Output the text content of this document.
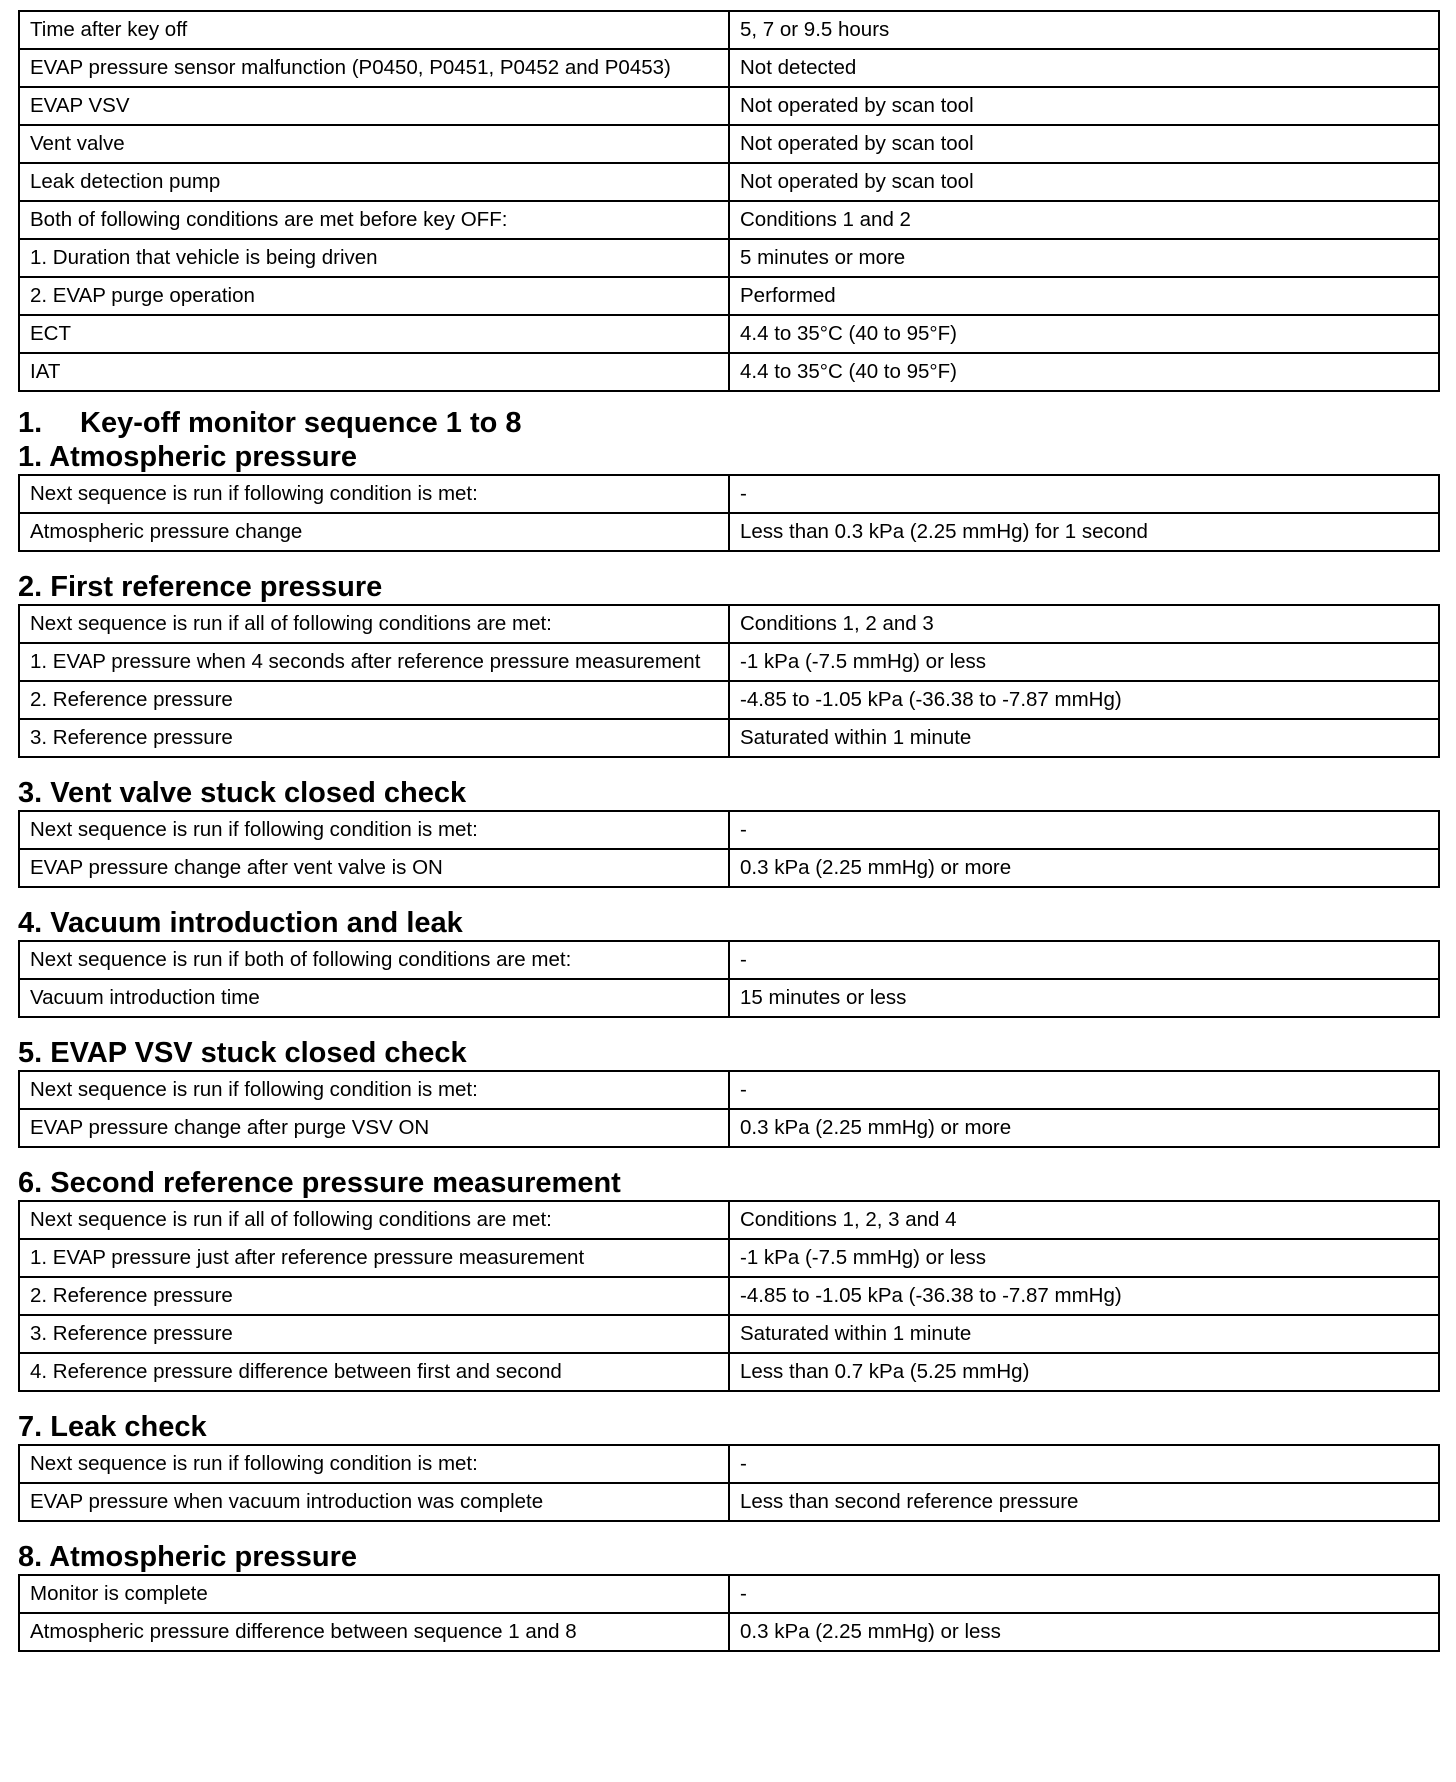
Time after key off	5, 7 or 9.5 hours
EVAP pressure sensor malfunction (P0450, P0451, P0452 and P0453)	Not detected
EVAP VSV	Not operated by scan tool
Vent valve	Not operated by scan tool
Leak detection pump	Not operated by scan tool
Both of following conditions are met before key OFF:	Conditions 1 and 2
1. Duration that vehicle is being driven	5 minutes or more
2. EVAP purge operation	Performed
ECT	4.4 to 35°C (40 to 95°F)
IAT	4.4 to 35°C (40 to 95°F)
1. Key-off monitor sequence 1 to 8
1. Atmospheric pressure
Next sequence is run if following condition is met:	-
Atmospheric pressure change	Less than 0.3 kPa (2.25 mmHg) for 1 second
2. First reference pressure
Next sequence is run if all of following conditions are met:	Conditions 1, 2 and 3
1. EVAP pressure when 4 seconds after reference pressure measurement	-1 kPa (-7.5 mmHg) or less
2. Reference pressure	-4.85 to -1.05 kPa (-36.38 to -7.87 mmHg)
3. Reference pressure	Saturated within 1 minute
3. Vent valve stuck closed check
Next sequence is run if following condition is met:	-
EVAP pressure change after vent valve is ON	0.3 kPa (2.25 mmHg) or more
4. Vacuum introduction and leak
Next sequence is run if both of following conditions are met:	-
Vacuum introduction time	15 minutes or less
5. EVAP VSV stuck closed check
Next sequence is run if following condition is met:	-
EVAP pressure change after purge VSV ON	0.3 kPa (2.25 mmHg) or more
6. Second reference pressure measurement
Next sequence is run if all of following conditions are met:	Conditions 1, 2, 3 and 4
1. EVAP pressure just after reference pressure measurement	-1 kPa (-7.5 mmHg) or less
2. Reference pressure	-4.85 to -1.05 kPa (-36.38 to -7.87 mmHg)
3. Reference pressure	Saturated within 1 minute
4. Reference pressure difference between first and second	Less than 0.7 kPa (5.25 mmHg)
7. Leak check
Next sequence is run if following condition is met:	-
EVAP pressure when vacuum introduction was complete	Less than second reference pressure
8. Atmospheric pressure
Monitor is complete	-
Atmospheric pressure difference between sequence 1 and 8	0.3 kPa (2.25 mmHg) or less
